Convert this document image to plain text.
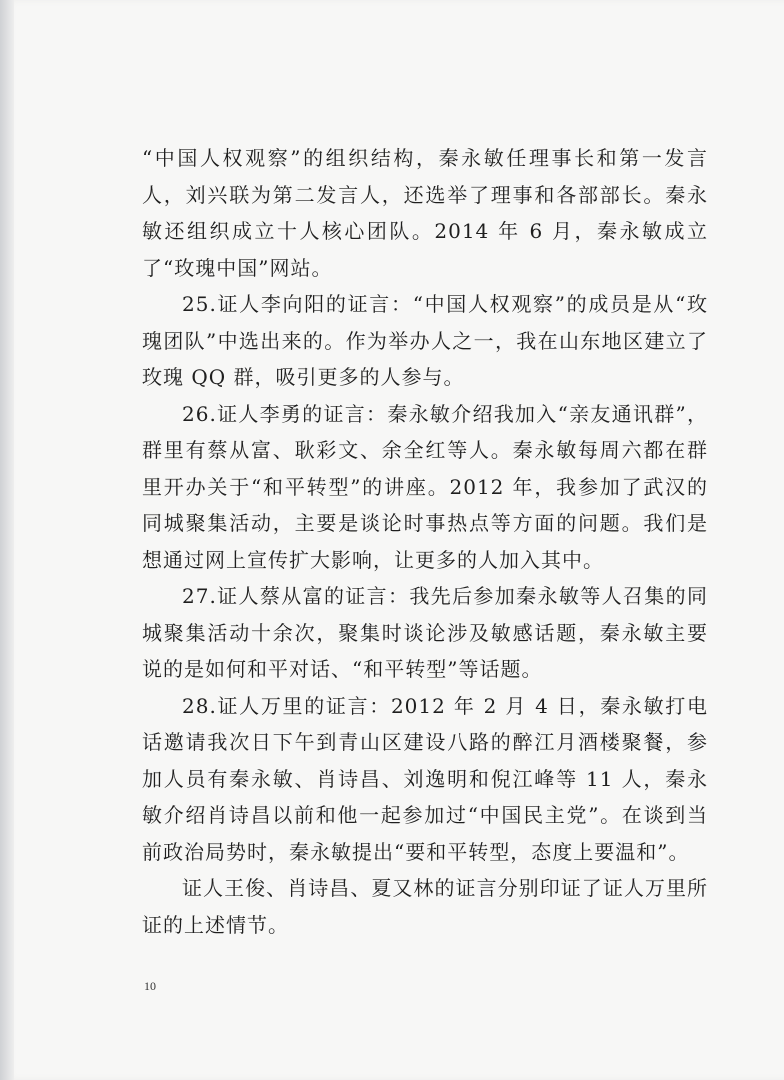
“中国人权观察”的组织结构，秦永敏任理事长和第一发言人，刘兴联为第二发言人，还选举了理事和各部部长。秦永敏还组织成立十人核心团队。2014 年 6 月，秦永敏成立了“玫瑰中国”网站。

25.证人李向阳的证言：“中国人权观察”的成员是从“玫瑰团队”中选出来的。作为举办人之一，我在山东地区建立了玫瑰 QQ 群，吸引更多的人参与。

26.证人李勇的证言：秦永敏介绍我加入“亲友通讯群”，群里有蔡从富、耿彩文、余全红等人。秦永敏每周六都在群里开办关于“和平转型”的讲座。2012 年，我参加了武汉的同城聚集活动，主要是谈论时事热点等方面的问题。我们是想通过网上宣传扩大影响，让更多的人加入其中。

27.证人蔡从富的证言：我先后参加秦永敏等人召集的同城聚集活动十余次，聚集时谈论涉及敏感话题，秦永敏主要说的是如何和平对话、“和平转型”等话题。

28.证人万里的证言：2012 年 2 月 4 日，秦永敏打电话邀请我次日下午到青山区建设八路的醉江月酒楼聚餐，参加人员有秦永敏、肖诗昌、刘逸明和倪江峰等 11 人，秦永敏介绍肖诗昌以前和他一起参加过“中国民主党”。在谈到当前政治局势时，秦永敏提出“要和平转型，态度上要温和”。

证人王俊、肖诗昌、夏又林的证言分别印证了证人万里所证的上述情节。

10
